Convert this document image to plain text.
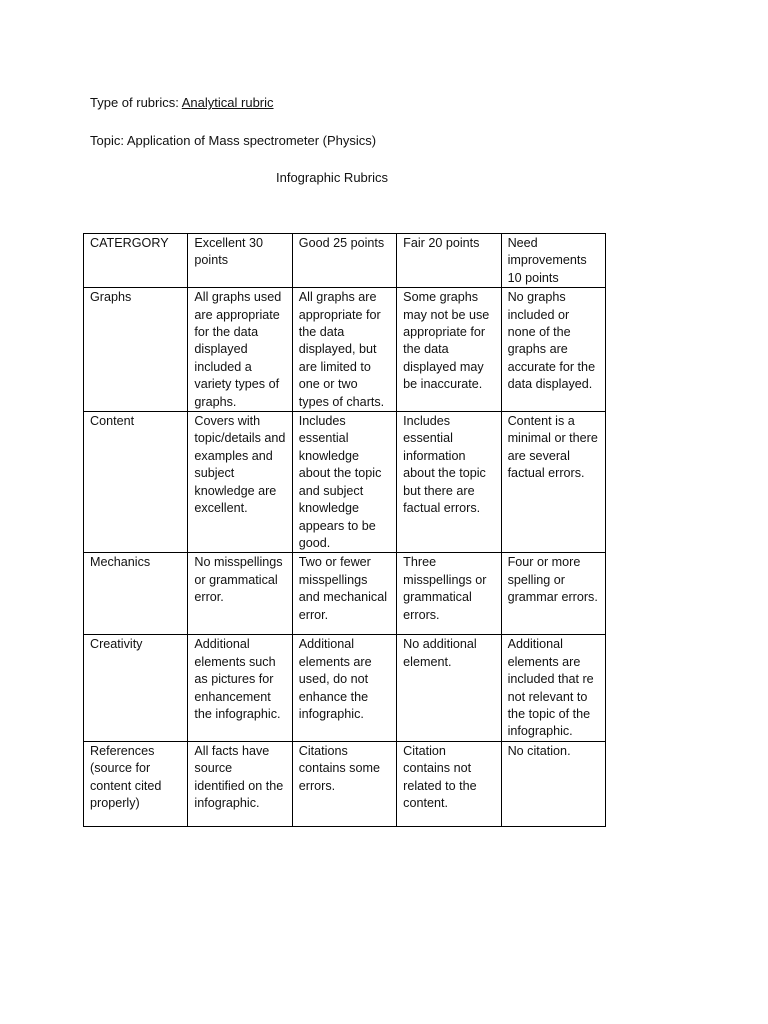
Type of rubrics: Analytical rubric
Topic: Application of Mass spectrometer (Physics)
Infographic Rubrics
CATERGORY	Excellent 30 points	Good 25 points	Fair 20 points	Need improvements 10 points
Graphs	All graphs used are appropriate for the data displayed included a variety types of graphs.	All graphs are appropriate for the data displayed, but are limited to one or two types of charts.	Some graphs may not be use appropriate for the data displayed may be inaccurate.	No graphs included or none of the graphs are accurate for the data displayed.
Content	Covers with topic/details and examples and subject knowledge are excellent.	Includes essential knowledge about the topic and subject knowledge appears to be good.	Includes essential information about the topic but there are factual errors.	Content is a minimal or there are several factual errors.
Mechanics	No misspellings or grammatical error.	Two or fewer misspellings and mechanical error.	Three misspellings or grammatical errors.	Four or more spelling or grammar errors.
Creativity	Additional elements such as pictures for enhancement the infographic.	Additional elements are used, do not enhance the infographic.	No additional element.	Additional elements are included that re not relevant to the topic of the infographic.
References (source for content cited properly)	All facts have source identified on the infographic.	Citations contains some errors.	Citation contains not related to the content.	No citation.
